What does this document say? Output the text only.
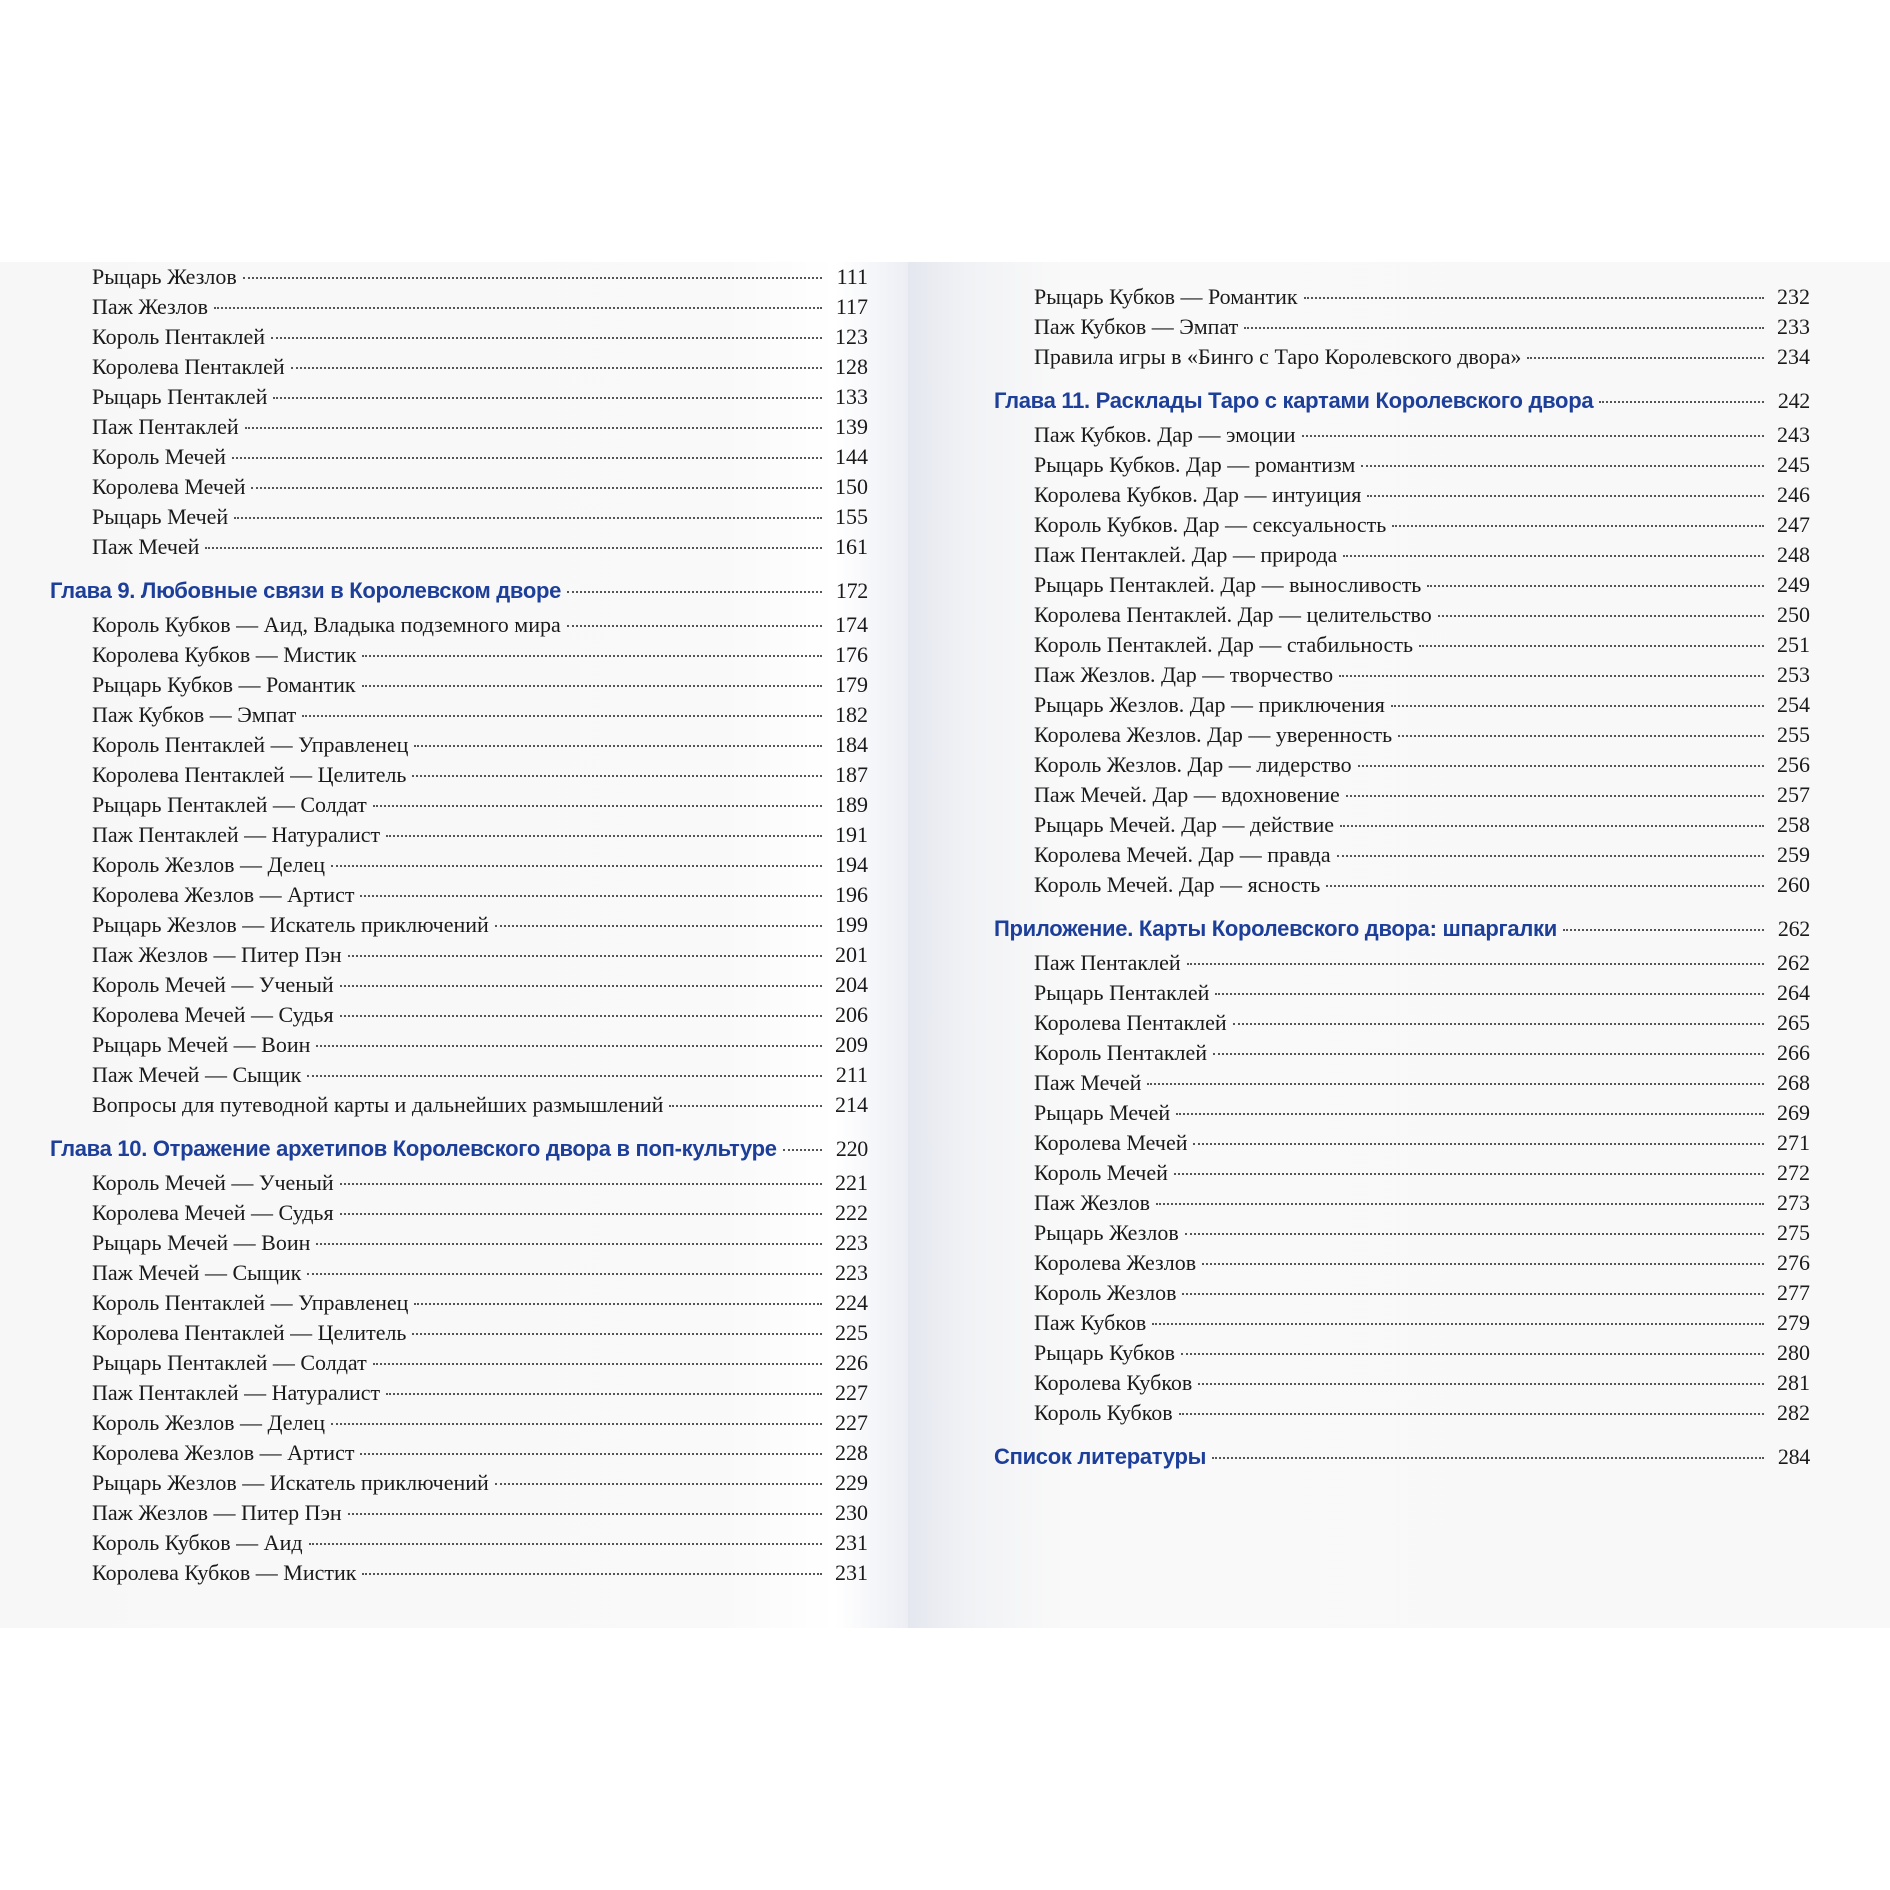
Рыцарь Жезлов	111
Паж Жезлов	117
Король Пентаклей	123
Королева Пентаклей	128
Рыцарь Пентаклей	133
Паж Пентаклей	139
Король Мечей	144
Королева Мечей	150
Рыцарь Мечей	155
Паж Мечей	161
Глава 9. Любовные связи в Королевском дворе	172
Король Кубков — Аид, Владыка подземного мира	174
Королева Кубков — Мистик	176
Рыцарь Кубков — Романтик	179
Паж Кубков — Эмпат	182
Король Пентаклей — Управленец	184
Королева Пентаклей — Целитель	187
Рыцарь Пентаклей — Солдат	189
Паж Пентаклей — Натуралист	191
Король Жезлов — Делец	194
Королева Жезлов — Артист	196
Рыцарь Жезлов — Искатель приключений	199
Паж Жезлов — Питер Пэн	201
Король Мечей — Ученый	204
Королева Мечей — Судья	206
Рыцарь Мечей — Воин	209
Паж Мечей — Сыщик	211
Вопросы для путеводной карты и дальнейших размышлений	214
Глава 10. Отражение архетипов Королевского двора в поп-культуре	220
Король Мечей — Ученый	221
Королева Мечей — Судья	222
Рыцарь Мечей — Воин	223
Паж Мечей — Сыщик	223
Король Пентаклей — Управленец	224
Королева Пентаклей — Целитель	225
Рыцарь Пентаклей — Солдат	226
Паж Пентаклей — Натуралист	227
Король Жезлов — Делец	227
Королева Жезлов — Артист	228
Рыцарь Жезлов — Искатель приключений	229
Паж Жезлов — Питер Пэн	230
Король Кубков — Аид	231
Королева Кубков — Мистик	231
Рыцарь Кубков — Романтик	232
Паж Кубков — Эмпат	233
Правила игры в «Бинго с Таро Королевского двора»	234
Глава 11. Расклады Таро с картами Королевского двора	242
Паж Кубков. Дар — эмоции	243
Рыцарь Кубков. Дар — романтизм	245
Королева Кубков. Дар — интуиция	246
Король Кубков. Дар — сексуальность	247
Паж Пентаклей. Дар — природа	248
Рыцарь Пентаклей. Дар — выносливость	249
Королева Пентаклей. Дар — целительство	250
Король Пентаклей. Дар — стабильность	251
Паж Жезлов. Дар — творчество	253
Рыцарь Жезлов. Дар — приключения	254
Королева Жезлов. Дар — уверенность	255
Король Жезлов. Дар — лидерство	256
Паж Мечей. Дар — вдохновение	257
Рыцарь Мечей. Дар — действие	258
Королева Мечей. Дар — правда	259
Король Мечей. Дар — ясность	260
Приложение. Карты Королевского двора: шпаргалки	262
Паж Пентаклей	262
Рыцарь Пентаклей	264
Королева Пентаклей	265
Король Пентаклей	266
Паж Мечей	268
Рыцарь Мечей	269
Королева Мечей	271
Король Мечей	272
Паж Жезлов	273
Рыцарь Жезлов	275
Королева Жезлов	276
Король Жезлов	277
Паж Кубков	279
Рыцарь Кубков	280
Королева Кубков	281
Король Кубков	282
Список литературы	284
